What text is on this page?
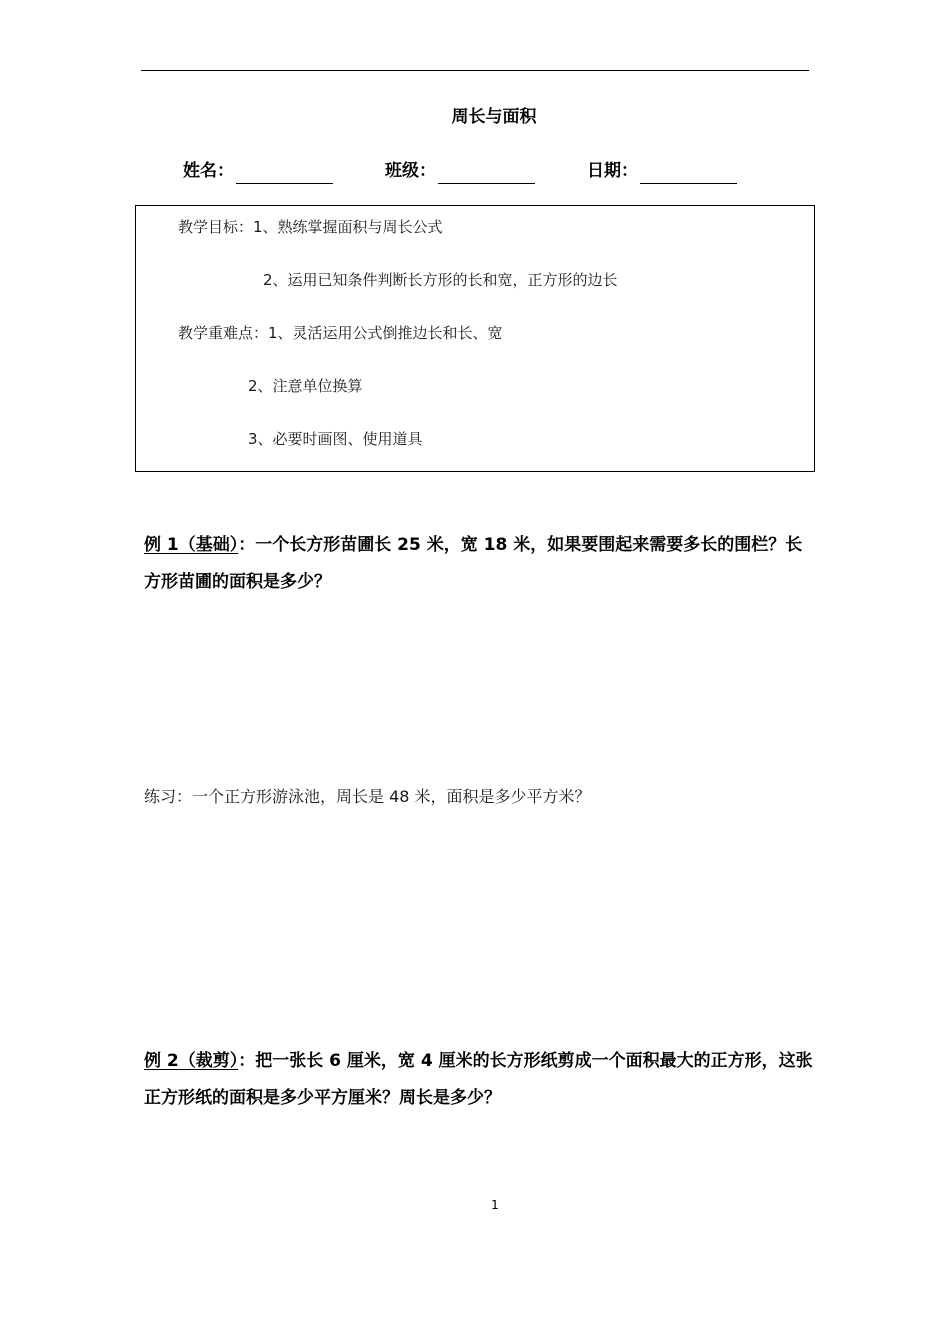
周长与面积
姓名：	班级：	日期：
教学目标：1、熟练掌握面积与周长公式
2、运用已知条件判断长方形的长和宽，正方形的边长
教学重难点：1、灵活运用公式倒推边长和长、宽
2、注意单位换算
3、必要时画图、使用道具
例 1（基础）：一个长方形苗圃长 25 米，宽 18 米，如果要围起来需要多长的围栏？长方形苗圃的面积是多少？
练习：一个正方形游泳池，周长是 48 米，面积是多少平方米？
例 2（裁剪）：把一张长 6 厘米，宽 4 厘米的长方形纸剪成一个面积最大的正方形，这张正方形纸的面积是多少平方厘米？周长是多少？
1
